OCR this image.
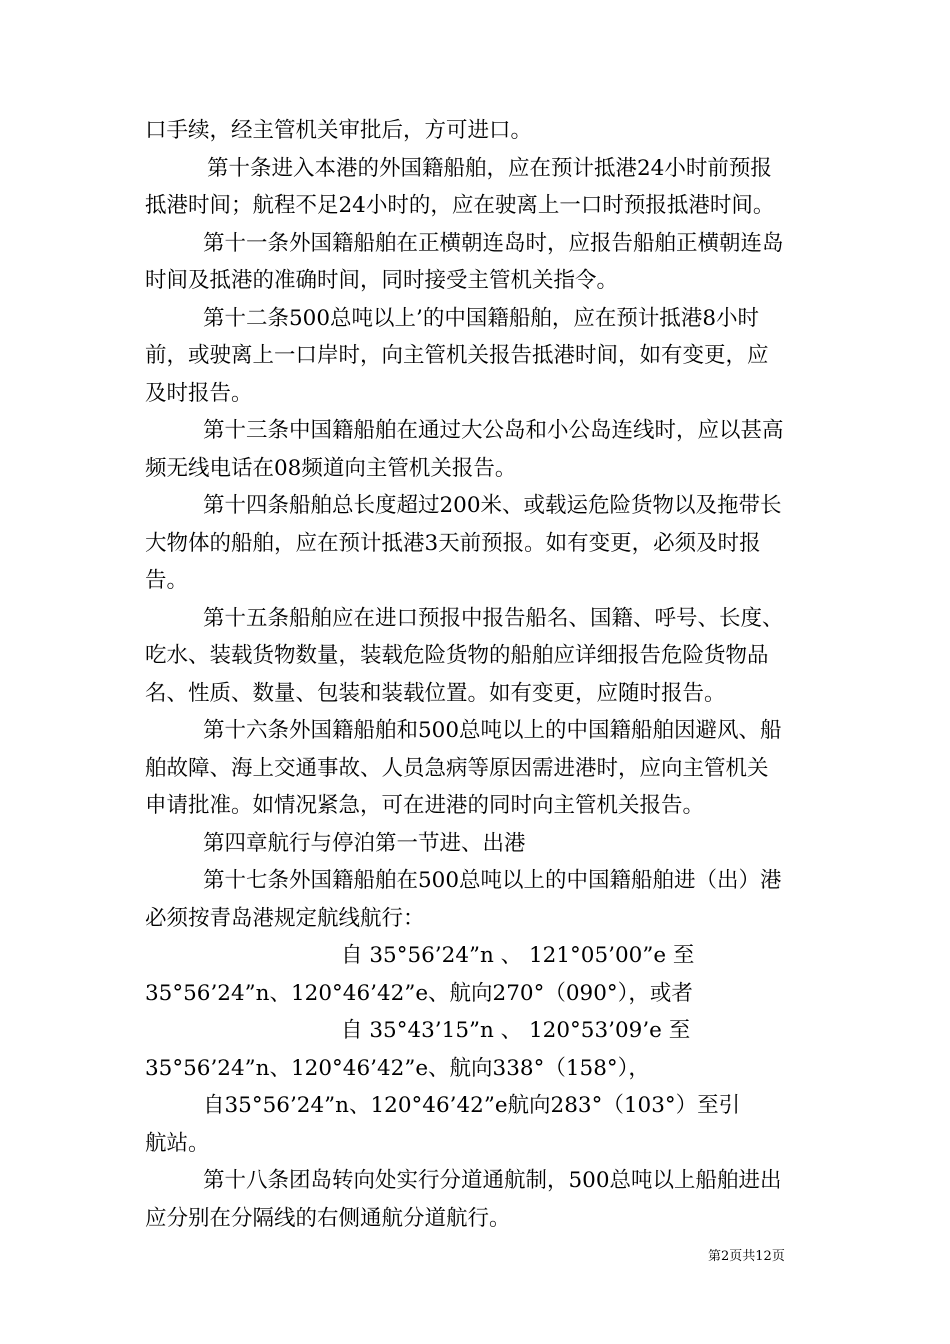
口手续，经主管机关审批后，方可进口。
第十条进入本港的外国籍船舶，应在预计抵港24小时前预报
抵港时间；航程不足24小时的，应在驶离上一口时预报抵港时间。
第十一条外国籍船舶在正横朝连岛时，应报告船舶正横朝连岛
时间及抵港的准确时间，同时接受主管机关指令。
第十二条500总吨以上’的中国籍船舶，应在预计抵港8小时
前，或驶离上一口岸时，向主管机关报告抵港时间，如有变更，应
及时报告。
第十三条中国籍船舶在通过大公岛和小公岛连线时，应以甚高
频无线电话在08频道向主管机关报告。
第十四条船舶总长度超过200米、或载运危险货物以及拖带长
大物体的船舶，应在预计抵港3天前预报。如有变更，必须及时报
告。
第十五条船舶应在进口预报中报告船名、国籍、呼号、长度、
吃水、装载货物数量，装载危险货物的船舶应详细报告危险货物品
名、性质、数量、包装和装载位置。如有变更，应随时报告。
第十六条外国籍船舶和500总吨以上的中国籍船舶因避风、船
舶故障、海上交通事故、人员急病等原因需进港时，应向主管机关
申请批准。如情况紧急，可在进港的同时向主管机关报告。
第四章航行与停泊第一节进、出港
第十七条外国籍船舶在500总吨以上的中国籍船舶进（出）港
必须按青岛港规定航线航行：
自 35°56’24”n 、 121°05’00”e 至
35°56’24”n、120°46’42”e、航向270°（090°），或者
自 35°43’15”n 、 120°53’09’e 至
35°56’24”n、120°46’42”e、航向338°（158°），
自35°56’24”n、120°46’42”e航向283°（103°）至引
航站。
第十八条团岛转向处实行分道通航制，500总吨以上船舶进出
应分别在分隔线的右侧通航分道航行。
第2页共12页
